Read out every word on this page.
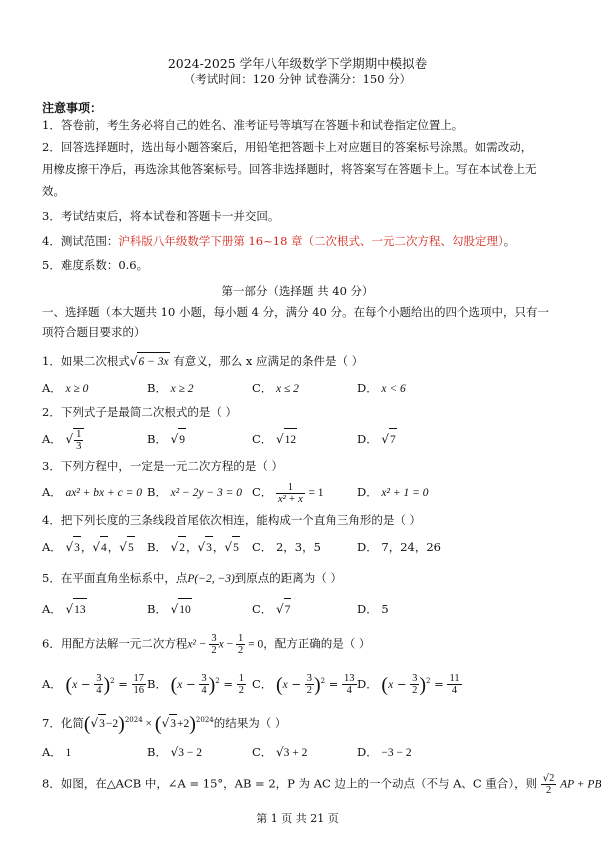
2024-2025 学年八年级数学下学期期中模拟卷
（考试时间：120 分钟 试卷满分：150 分）
注意事项：
1．答卷前，考生务必将自己的姓名、准考证号等填写在答题卡和试卷指定位置上。
2．回答选择题时，选出每小题答案后，用铅笔把答题卡上对应题目的答案标号涂黑。如需改动，
用橡皮擦干净后，再选涂其他答案标号。回答非选择题时，将答案写在答题卡上。写在本试卷上无
效。
3．考试结束后，将本试卷和答题卡一并交回。
4．测试范围：沪科版八年级数学下册第 16~18 章（二次根式、一元二次方程、勾股定理）。
5．难度系数：0.6。
第一部分（选择题 共 40 分）
一、选择题（本大题共 10 小题，每小题 4 分，满分 40 分。在每个小题给出的四个选项中，只有一
项符合题目要求的）
1．如果二次根式√6 − 3x 有意义，那么 x 应满足的条件是（ ）
A． x ≥ 0	B． x ≥ 2	C． x ≤ 2	D． x < 6
2．下列式子是最简二次根式的是（ ）
A． √ $\frac{1}{3}$	B． √9	C． √12	D． √7
3．下列方程中，一定是一元二次方程的是（ ）
A． ax² + bx + c = 0 B． x² − 2y − 3 = 0 C． $\frac{1}{\text{x² + x}} = 1$	D． x² + 1 = 0
4．把下列长度的三条线段首尾依次相连，能构成一个直角三角形的是（ ）
A． √3，√4，√5 B． √2，√3，√5 C． 2，3，5	D． 7，24，26
5．在平面直角坐标系中，点P(−2, −3)到原点的距离为（ ）
A． √13	B． √10	C． √7	D． 5
6．用配方法解一元二次方程$x^2 - \frac{3}{2}$ $x - \frac{1}{2} = 0$，配方正确的是（ ）
A． $(x - \frac{3}{4} )^2 = \frac{17}{16}$ B． $(x - \frac{3}{4} )^2 = \frac{1}{2}$ C． $(x - \frac{3}{2} )^2 = \frac{13}{4}$ D． $(x - \frac{3}{2} )^2 = \frac{11}{4}$
7．化简$(√3-2)^{2024} \times (√3+2)^{2024}$的结果为（ ）
A． 1	B． √3 − 2	C． √3 + 2	D． −3 − 2
8．如图，在△ACB 中，∠A = 15°，AB = 2，P 为 AC 边上的一个动点（不与 A、C 重合），则 $\frac{√2}{2}$ AP + PB
第 1 页 共 21 页
